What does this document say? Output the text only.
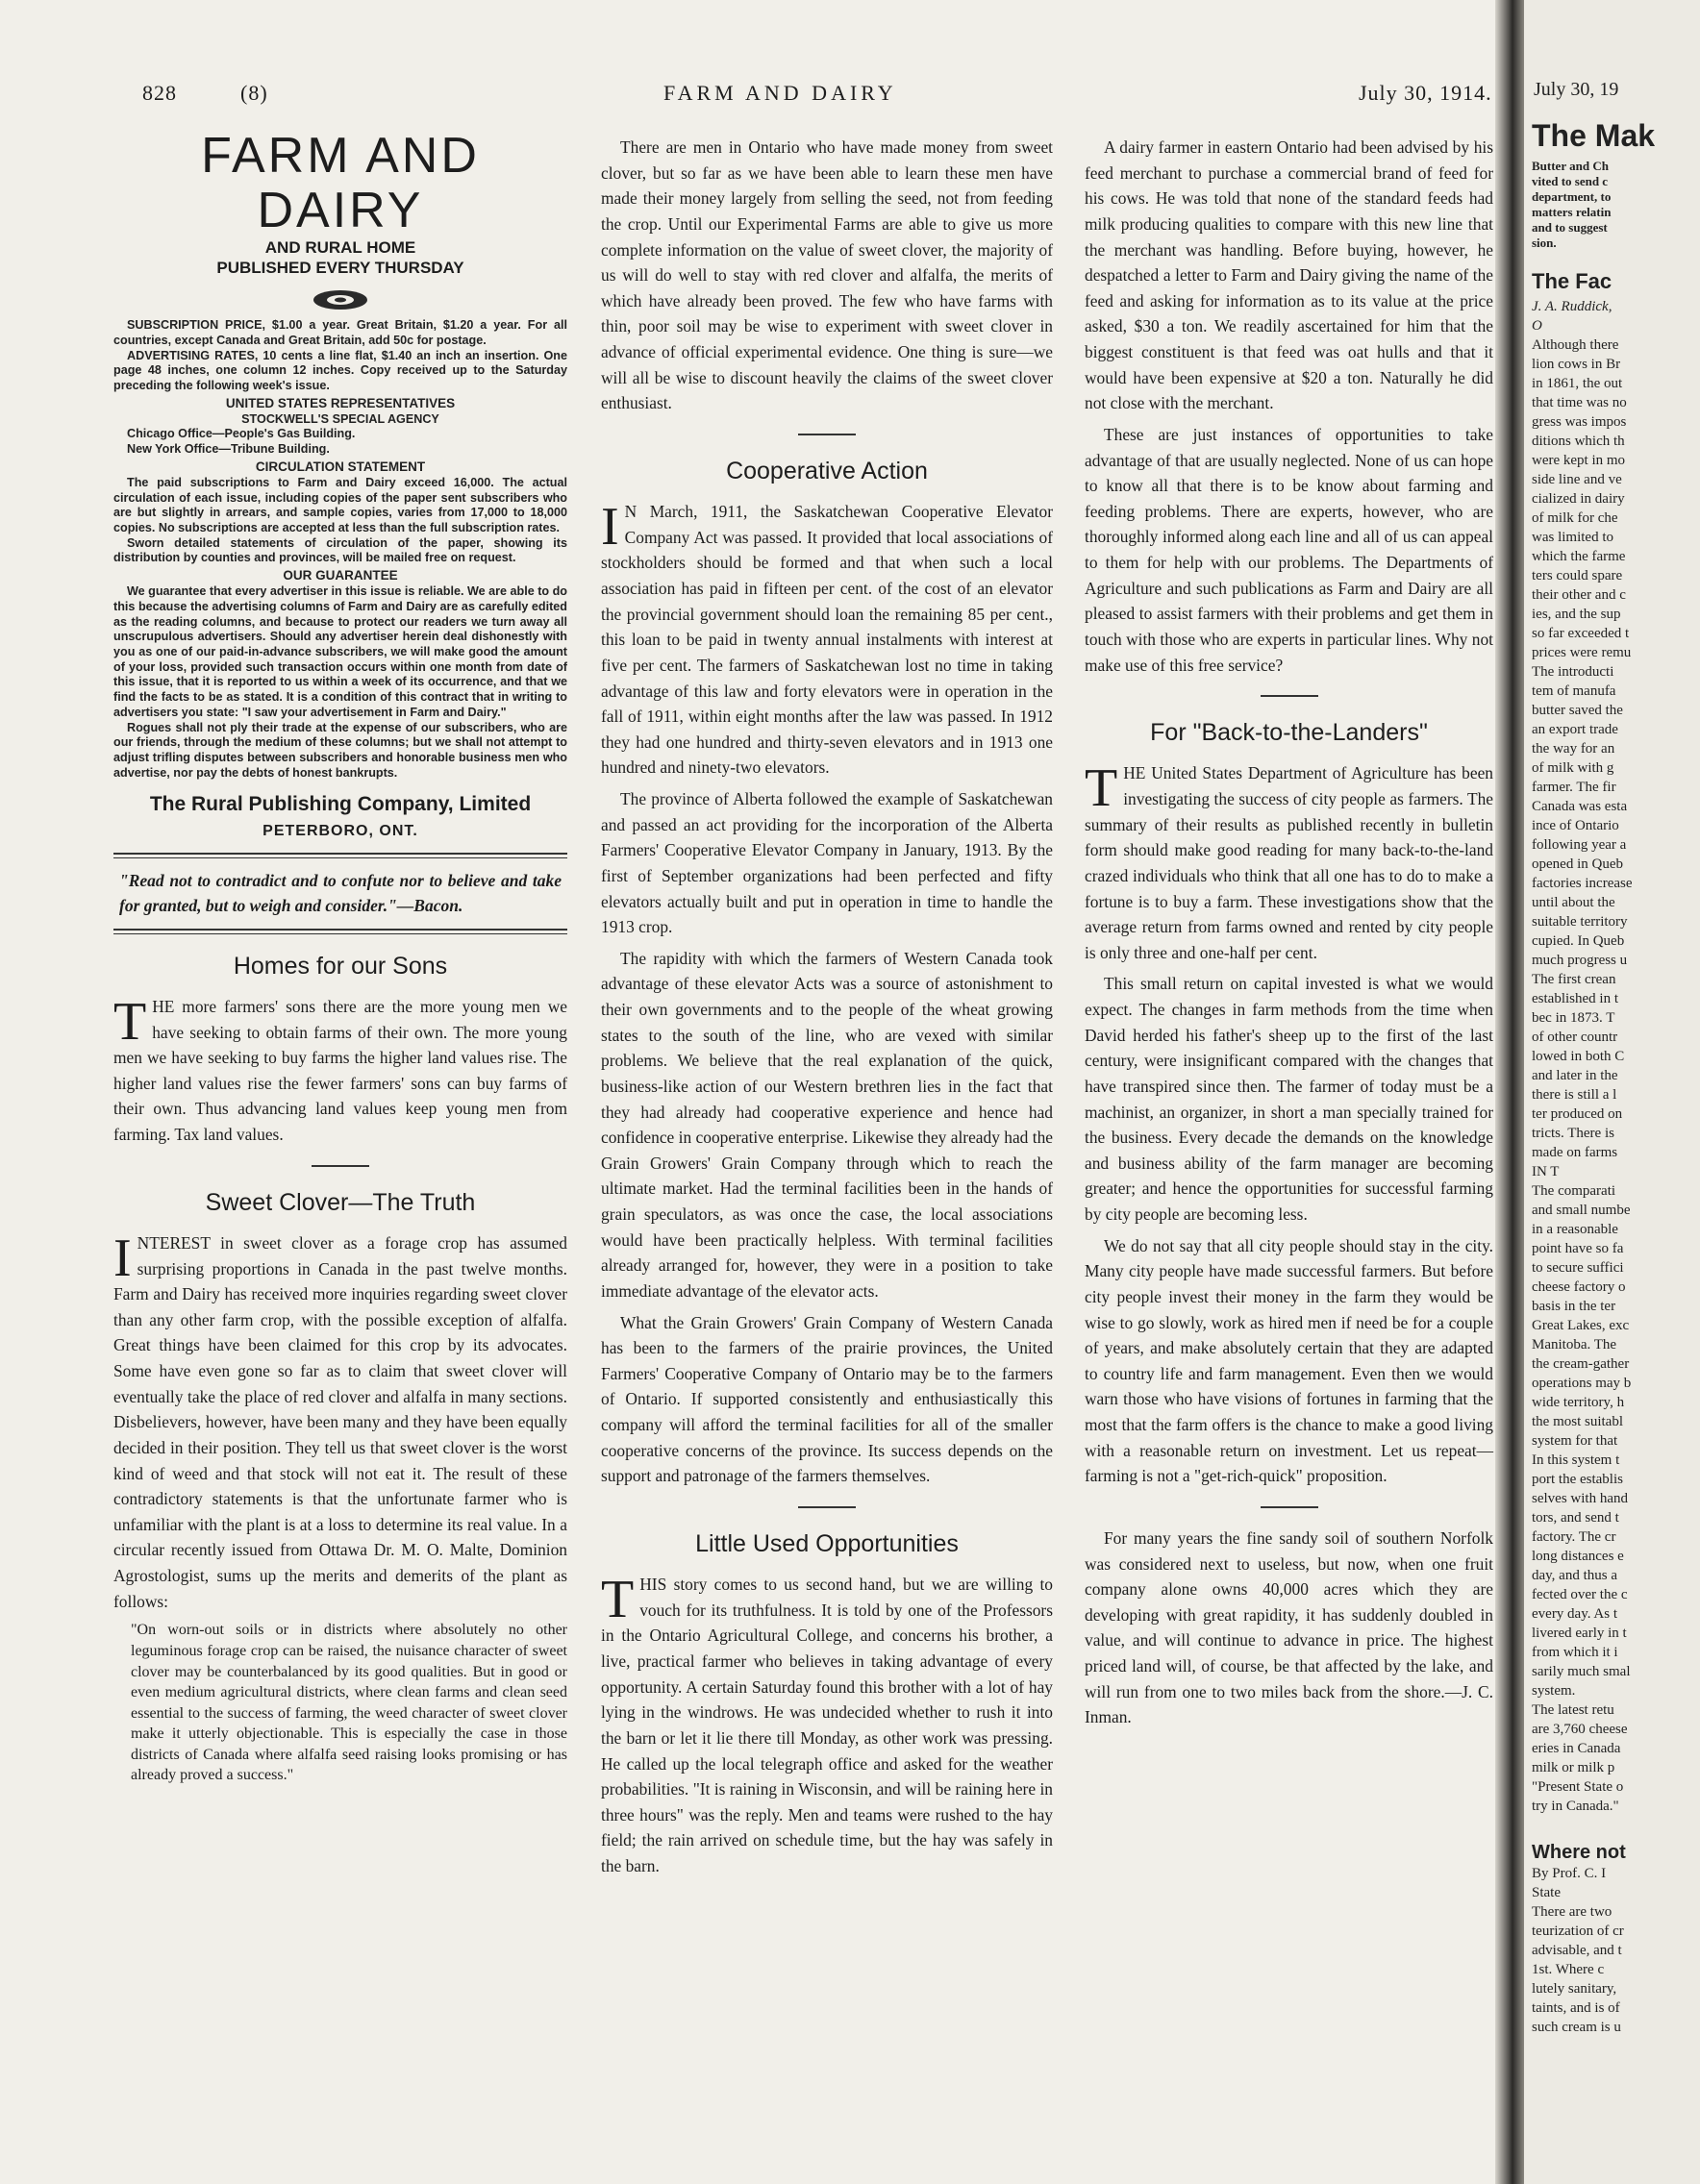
828	(8)	FARM AND DAIRY	July 30, 1914.
FARM AND DAIRY
AND RURAL HOME
PUBLISHED EVERY THURSDAY

SUBSCRIPTION PRICE, $1.00 a year. Great Britain, $1.20 a year. For all countries, except Canada and Great Britain, add 50c for postage.

ADVERTISING RATES, 10 cents a line flat, $1.40 an inch an insertion. One page 48 inches, one column 12 inches. Copy received up to the Saturday preceding the following week's issue.

UNITED STATES REPRESENTATIVES

STOCKWELL'S SPECIAL AGENCY

Chicago Office—People's Gas Building.

New York Office—Tribune Building.

CIRCULATION STATEMENT

The paid subscriptions to Farm and Dairy exceed 16,000. The actual circulation of each issue, including copies of the paper sent subscribers who are but slightly in arrears, and sample copies, varies from 17,000 to 18,000 copies. No subscriptions are accepted at less than the full subscription rates.

Sworn detailed statements of circulation of the paper, showing its distribution by counties and provinces, will be mailed free on request.

OUR GUARANTEE

We guarantee that every advertiser in this issue is reliable. We are able to do this because the advertising columns of Farm and Dairy are as carefully edited as the reading columns, and because to protect our readers we turn away all unscrupulous advertisers. Should any advertiser herein deal dishonestly with you as one of our paid-in-advance subscribers, we will make good the amount of your loss, provided such transaction occurs within one month from date of this issue, that it is reported to us within a week of its occurrence, and that we find the facts to be as stated. It is a condition of this contract that in writing to advertisers you state: "I saw your advertisement in Farm and Dairy."

Rogues shall not ply their trade at the expense of our subscribers, who are our friends, through the medium of these columns; but we shall not attempt to adjust trifling disputes between subscribers and honorable business men who advertise, nor pay the debts of honest bankrupts.

The Rural Publishing Company, Limited
PETERBORO, ONT.
"Read not to contradict and to confute nor to believe and take for granted, but to weigh and consider."—Bacon.
Homes for our Sons

THE more farmers' sons there are the more young men we have seeking to obtain farms of their own. The more young men we have seeking to buy farms the higher land values rise. The higher land values rise the fewer farmers' sons can buy farms of their own. Thus advancing land values keep young men from farming. Tax land values.

Sweet Clover—The Truth

INTEREST in sweet clover as a forage crop has assumed surprising proportions in Canada in the past twelve months. Farm and Dairy has received more inquiries regarding sweet clover than any other farm crop, with the possible exception of alfalfa. Great things have been claimed for this crop by its advocates. Some have even gone so far as to claim that sweet clover will eventually take the place of red clover and alfalfa in many sections. Disbelievers, however, have been many and they have been equally decided in their position. They tell us that sweet clover is the worst kind of weed and that stock will not eat it. The result of these contradictory statements is that the unfortunate farmer who is unfamiliar with the plant is at a loss to determine its real value. In a circular recently issued from Ottawa Dr. M. O. Malte, Dominion Agrostologist, sums up the merits and demerits of the plant as follows:

"On worn-out soils or in districts where absolutely no other leguminous forage crop can be raised, the nuisance character of sweet clover may be counterbalanced by its good qualities. But in good or even medium agricultural districts, where clean farms and clean seed essential to the success of farming, the weed character of sweet clover make it utterly objectionable. This is especially the case in those districts of Canada where alfalfa seed raising looks promising or has already proved a success."

There are men in Ontario who have made money from sweet clover, but so far as we have been able to learn these men have made their money largely from selling the seed, not from feeding the crop. Until our Experimental Farms are able to give us more complete information on the value of sweet clover, the majority of us will do well to stay with red clover and alfalfa, the merits of which have already been proved. The few who have farms with thin, poor soil may be wise to experiment with sweet clover in advance of official experimental evidence. One thing is sure—we will all be wise to discount heavily the claims of the sweet clover enthusiast.

Cooperative Action

I N March, 1911, the Saskatchewan Cooperative Elevator Company Act was passed. It provided that local associations of stockholders should be formed and that when such a local association has paid in fifteen per cent. of the cost of an elevator the provincial government should loan the remaining 85 per cent., this loan to be paid in twenty annual instalments with interest at five per cent. The farmers of Saskatchewan lost no time in taking advantage of this law and forty elevators were in operation in the fall of 1911, within eight months after the law was passed. In 1912 they had one hundred and thirty-seven elevators and in 1913 one hundred and ninety-two elevators.

The province of Alberta followed the example of Saskatchewan and passed an act providing for the incorporation of the Alberta Farmers' Cooperative Elevator Company in January, 1913. By the first of September organizations had been perfected and fifty elevators actually built and put in operation in time to handle the 1913 crop.

The rapidity with which the farmers of Western Canada took advantage of these elevator Acts was a source of astonishment to their own governments and to the people of the wheat growing states to the south of the line, who are vexed with similar problems. We believe that the real explanation of the quick, business-like action of our Western brethren lies in the fact that they had already had cooperative experience and hence had confidence in cooperative enterprise. Likewise they already had the Grain Growers' Grain Company through which to reach the ultimate market. Had the terminal facilities been in the hands of grain speculators, as was once the case, the local associations would have been practically helpless. With terminal facilities already arranged for, however, they were in a position to take immediate advantage of the elevator acts.

What the Grain Growers' Grain Company of Western Canada has been to the farmers of the prairie provinces, the United Farmers' Cooperative Company of Ontario may be to the farmers of Ontario. If supported consistently and enthusiastically this company will afford the terminal facilities for all of the smaller cooperative concerns of the province. Its success depends on the support and patronage of the farmers themselves.

Little Used Opportunities

THIS story comes to us second hand, but we are willing to vouch for its truthfulness. It is told by one of the Professors in the Ontario Agricultural College, and concerns his brother, a live, practical farmer who believes in taking advantage of every opportunity. A certain Saturday found this brother with a lot of hay lying in the windrows. He was undecided whether to rush it into the barn or let it lie there till Monday, as other work was pressing. He called up the local telegraph office and asked for the weather probabilities. "It is raining in Wisconsin, and will be raining here in three hours" was the reply. Men and teams were rushed to the hay field; the rain arrived on schedule time, but the hay was safely in the barn.

A dairy farmer in eastern Ontario had been advised by his feed merchant to purchase a commercial brand of feed for his cows. He was told that none of the standard feeds had milk producing qualities to compare with this new line that the merchant was handling. Before buying, however, he despatched a letter to Farm and Dairy giving the name of the feed and asking for information as to its value at the price asked, $30 a ton. We readily ascertained for him that the biggest constituent is that feed was oat hulls and that it would have been expensive at $20 a ton. Naturally he did not close with the merchant.

These are just instances of opportunities to take advantage of that are usually neglected. None of us can hope to know all that there is to be know about farming and feeding problems. There are experts, however, who are thoroughly informed along each line and all of us can appeal to them for help with our problems. The Departments of Agriculture and such publications as Farm and Dairy are all pleased to assist farmers with their problems and get them in touch with those who are experts in particular lines. Why not make use of this free service?

For "Back-to-the-Landers"

THE United States Department of Agriculture has been investigating the success of city people as farmers. The summary of their results as published recently in bulletin form should make good reading for many back-to-the-land crazed individuals who think that all one has to do to make a fortune is to buy a farm. These investigations show that the average return from farms owned and rented by city people is only three and one-half per cent.

This small return on capital invested is what we would expect. The changes in farm methods from the time when David herded his father's sheep up to the first of the last century, were insignificant compared with the changes that have transpired since then. The farmer of today must be a machinist, an organizer, in short a man specially trained for the business. Every decade the demands on the knowledge and business ability of the farm manager are becoming greater; and hence the opportunities for successful farming by city people are becoming less.

We do not say that all city people should stay in the city. Many city people have made successful farmers. But before city people invest their money in the farm they would be wise to go slowly, work as hired men if need be for a couple of years, and make absolutely certain that they are adapted to country life and farm management. Even then we would warn those who have visions of fortunes in farming that the most that the farm offers is the chance to make a good living with a reasonable return on investment. Let us repeat—farming is not a "get-rich-quick" proposition.

For many years the fine sandy soil of southern Norfolk was considered next to useless, but now, when one fruit company alone owns 40,000 acres which they are developing with great rapidity, it has suddenly doubled in value, and will continue to advance in price. The highest priced land will, of course, be that affected by the lake, and will run from one to two miles back from the shore.—J. C. Inman.

July 30, 19
The Mak
Butter and Ch
vited to send c
department, to
matters relatin
and to suggest
sion.
The Fac
J. A. Ruddick,
O
Although there
lion cows in Br
in 1861, the out
that time was no
gress was impos
ditions which th
were kept in mo
side line and ve
cialized in dairy
of milk for che
was limited to
which the farme
ters could spare
their other and c
ies, and the sup
so far exceeded t
prices were remu
The introducti
tem of manufa
butter saved the
an export trade
the way for an
of milk with g
farmer. The fir
Canada was esta
ince of Ontario
following year a
opened in Queb
factories increase
until about the
suitable territory
cupied. In Queb
much progress u
The first crean
established in t
bec in 1873. T
of other countr
lowed in both C
and later in the
there is still a l
ter produced on
tricts. There is
made on farms
IN T
The comparati
and small numbe
in a reasonable
point have so fa
to secure suffici
cheese factory o
basis in the ter
Great Lakes, exc
Manitoba. The
the cream-gather
operations may b
wide territory, h
the most suitabl
system for that
In this system t
port the establis
selves with hand
tors, and send t
factory. The cr
long distances e
day, and thus a
fected over the c
every day. As t
livered early in t
from which it i
sarily much smal
system.
The latest retu
are 3,760 cheese
eries in Canada
milk or milk p
"Present State o
try in Canada."
Where not
By Prof. C. I
State
There are two
teurization of cr
advisable, and t
1st. Where c
lutely sanitary,
taints, and is of
such cream is u
